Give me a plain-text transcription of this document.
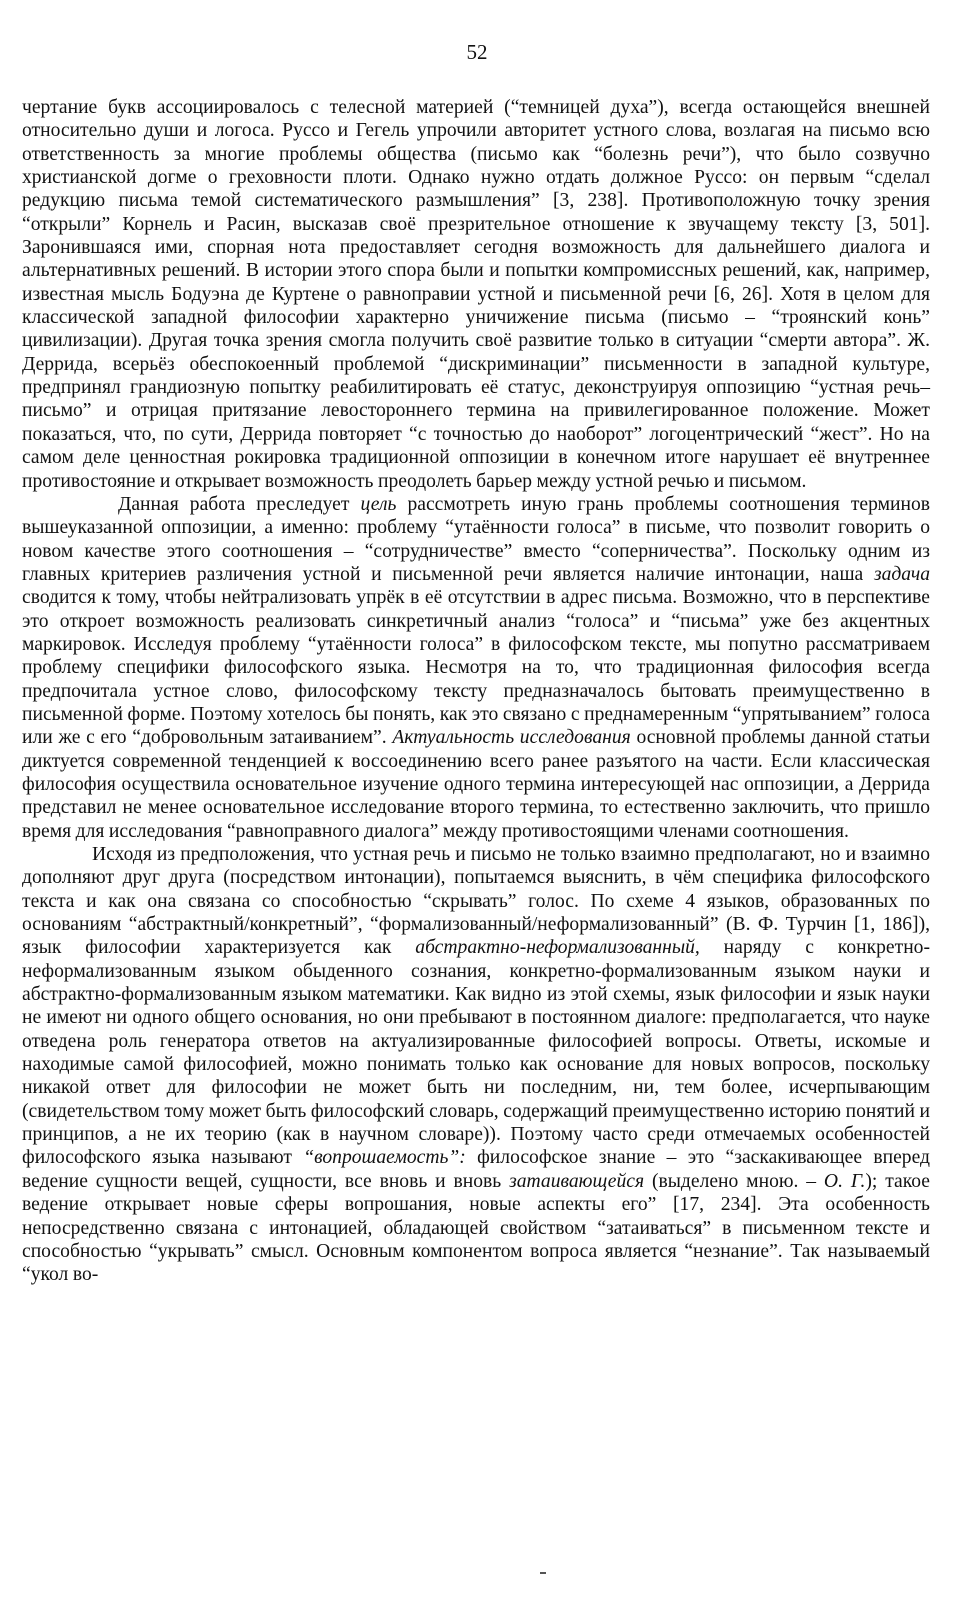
52

чертание букв ассоциировалось с телесной материей (“темницей духа”), всегда остающейся внешней относительно души и логоса. Руссо и Гегель упрочили авторитет устного слова, возлагая на письмо всю ответственность за многие проблемы общества (письмо как “болезнь речи”), что было созвучно христианской догме о греховности плоти. Однако нужно отдать должное Руссо: он первым “сделал редукцию письма темой систематического размышления” [3, 238]. Противоположную точку зрения “открыли” Корнель и Расин, высказав своё презрительное отношение к звучащему тексту [3, 501]. Заронившаяся ими, спорная нота предоставляет сегодня возможность для дальнейшего диалога и альтернативных решений. В истории этого спора были и попытки компромиссных решений, как, например, известная мысль Бодуэна де Куртене о равноправии устной и письменной речи [6, 26]. Хотя в целом для классической западной философии характерно уничижение письма (письмо – “троянский конь” цивилизации). Другая точка зрения смогла получить своё развитие только в ситуации “смерти автора”. Ж. Деррида, всерьёз обеспокоенный проблемой “дискриминации” письменности в западной культуре, предпринял грандиозную попытку реабилитировать её статус, деконструируя оппозицию “устная речь–письмо” и отрицая притязание левостороннего термина на привилегированное положение. Может показаться, что, по сути, Деррида повторяет “с точностью до наоборот” логоцентрический “жест”. Но на самом деле ценностная рокировка традиционной оппозиции в конечном итоге нарушает её внутреннее противостояние и открывает возможность преодолеть барьер между устной речью и письмом.

Данная работа преследует цель рассмотреть иную грань проблемы соотношения терминов вышеуказанной оппозиции, а именно: проблему “утаённости голоса” в письме, что позволит говорить о новом качестве этого соотношения – “сотрудничестве” вместо “соперничества”. Поскольку одним из главных критериев различения устной и письменной речи является наличие интонации, наша задача сводится к тому, чтобы нейтрализовать упрёк в её отсутствии в адрес письма. Возможно, что в перспективе это откроет возможность реализовать синкретичный анализ “голоса” и “письма” уже без акцентных маркировок. Исследуя проблему “утаённости голоса” в философском тексте, мы попутно рассматриваем проблему специфики философского языка. Несмотря на то, что традиционная философия всегда предпочитала устное слово, философскому тексту предназначалось бытовать преимущественно в письменной форме. Поэтому хотелось бы понять, как это связано с преднамеренным “упрятыванием” голоса или же с его “добровольным затаиванием”. Актуальность исследования основной проблемы данной статьи диктуется современной тенденцией к воссоединению всего ранее разъятого на части. Если классическая философия осуществила основательное изучение одного термина интересующей нас оппозиции, а Деррида представил не менее основательное исследование второго термина, то естественно заключить, что пришло время для исследования “равноправного диалога” между противостоящими членами соотношения.

Исходя из предположения, что устная речь и письмо не только взаимно предполагают, но и взаимно дополняют друг друга (посредством интонации), попытаемся выяснить, в чём специфика философского текста и как она связана со способностью “скрывать” голос. По схеме 4 языков, образованных по основаниям “абстрактный/конкретный”, “формализованный/неформализованный” (В. Ф. Турчин [1, 186]), язык философии характеризуется как абстрактно-неформализованный, наряду с конкретно-неформализованным языком обыденного сознания, конкретно-формализованным языком науки и абстрактно-формализованным языком математики. Как видно из этой схемы, язык философии и язык науки не имеют ни одного общего основания, но они пребывают в постоянном диалоге: предполагается, что науке отведена роль генератора ответов на актуализированные философией вопросы. Ответы, искомые и находимые самой философией, можно понимать только как основание для новых вопросов, поскольку никакой ответ для философии не может быть ни последним, ни, тем более, исчерпывающим (свидетельством тому может быть философский словарь, содержащий преимущественно историю понятий и принципов, а не их теорию (как в научном словаре)). Поэтому часто среди отмечаемых особенностей философского языка называют “вопрошаемость”: философское знание – это “заскакивающее вперед ведение сущности вещей, сущности, все вновь и вновь затаивающейся (выделено мною. – О. Г.); такое ведение открывает новые сферы вопрошания, новые аспекты его” [17, 234]. Эта особенность непосредственно связана с интонацией, обладающей свойством “затаиваться” в письменном тексте и способностью “укрывать” смысл. Основным компонентом вопроса является “незнание”. Так называемый “укол во-
